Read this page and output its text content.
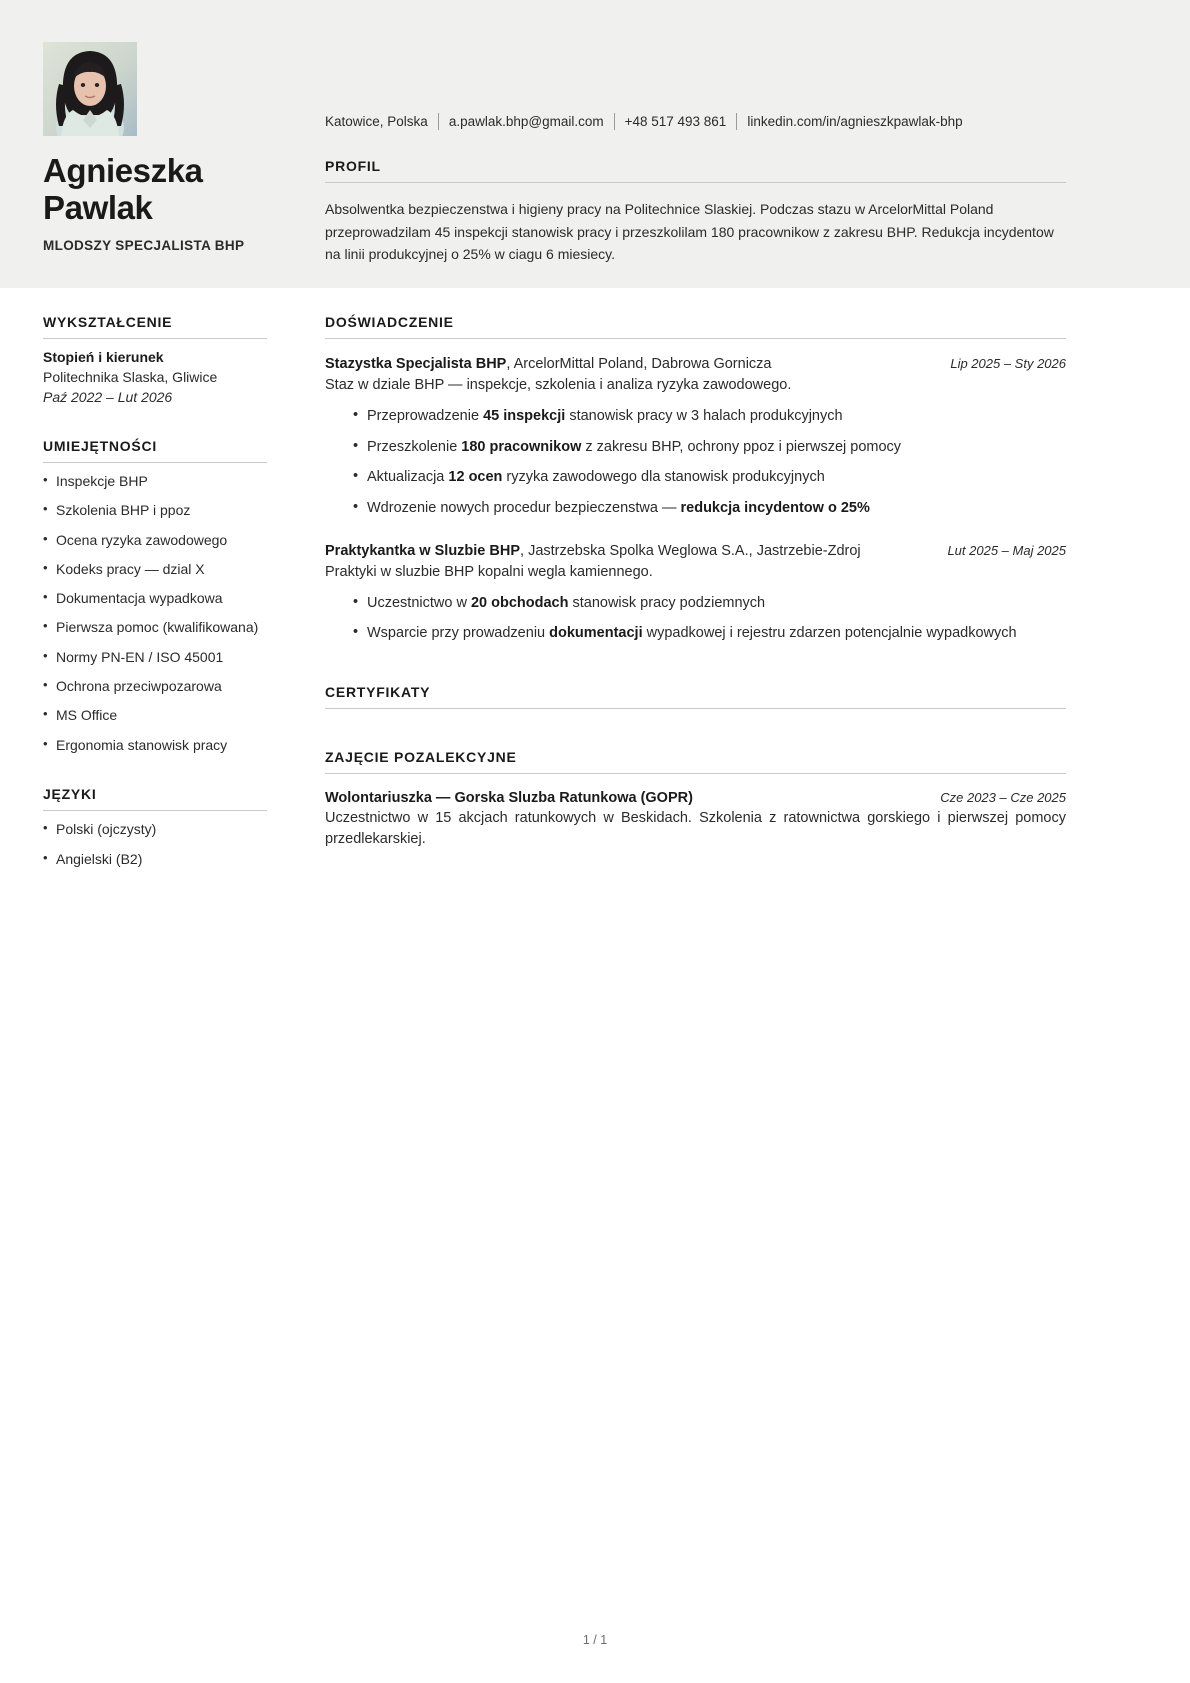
Agnieszka
Pawlak
MLODSZY SPECJALISTA BHP
Katowice, Polska	a.pawlak.bhp@gmail.com	+48 517 493 861	linkedin.com/in/agnieszkpawlak-bhp
PROFIL
Absolwentka bezpieczenstwa i higieny pracy na Politechnice Slaskiej. Podczas stazu w ArcelorMittal Poland przeprowadzilam 45 inspekcji stanowisk pracy i przeszkolilam 180 pracownikow z zakresu BHP. Redukcja incydentow na linii produkcyjnej o 25% w ciagu 6 miesiecy.
WYKSZTAŁCENIE
Stopień i kierunek
Politechnika Slaska, Gliwice
Paź 2022 – Lut 2026
UMIEJĘTNOŚCI
• Inspekcje BHP
• Szkolenia BHP i ppoz
• Ocena ryzyka zawodowego
• Kodeks pracy — dzial X
• Dokumentacja wypadkowa
• Pierwsza pomoc (kwalifikowana)
• Normy PN-EN / ISO 45001
• Ochrona przeciwpozarowa
• MS Office
• Ergonomia stanowisk pracy
JĘZYKI
• Polski (ojczysty)
• Angielski (B2)
DOŚWIADCZENIE
Stazystka Specjalista BHP, ArcelorMittal Poland, Dabrowa Gornicza	Lip 2025 – Sty 2026
Staz w dziale BHP — inspekcje, szkolenia i analiza ryzyka zawodowego.
• Przeprowadzenie 45 inspekcji stanowisk pracy w 3 halach produkcyjnych
• Przeszkolenie 180 pracownikow z zakresu BHP, ochrony ppoz i pierwszej pomocy
• Aktualizacja 12 ocen ryzyka zawodowego dla stanowisk produkcyjnych
• Wdrozenie nowych procedur bezpieczenstwa — redukcja incydentow o 25%
Praktykantka w Sluzbie BHP, Jastrzebska Spolka Weglowa S.A., Jastrzebie-Zdroj	Lut 2025 – Maj 2025
Praktyki w sluzbie BHP kopalni wegla kamiennego.
• Uczestnictwo w 20 obchodach stanowisk pracy podziemnych
• Wsparcie przy prowadzeniu dokumentacji wypadkowej i rejestru zdarzen potencjalnie wypadkowych
CERTYFIKATY
ZAJĘCIE POZALEKCYJNE
Wolontariuszka — Gorska Sluzba Ratunkowa (GOPR)	Cze 2023 – Cze 2025
Uczestnictwo w 15 akcjach ratunkowych w Beskidach. Szkolenia z ratownictwa gorskiego i pierwszej pomocy przedlekarskiej.
1 / 1
